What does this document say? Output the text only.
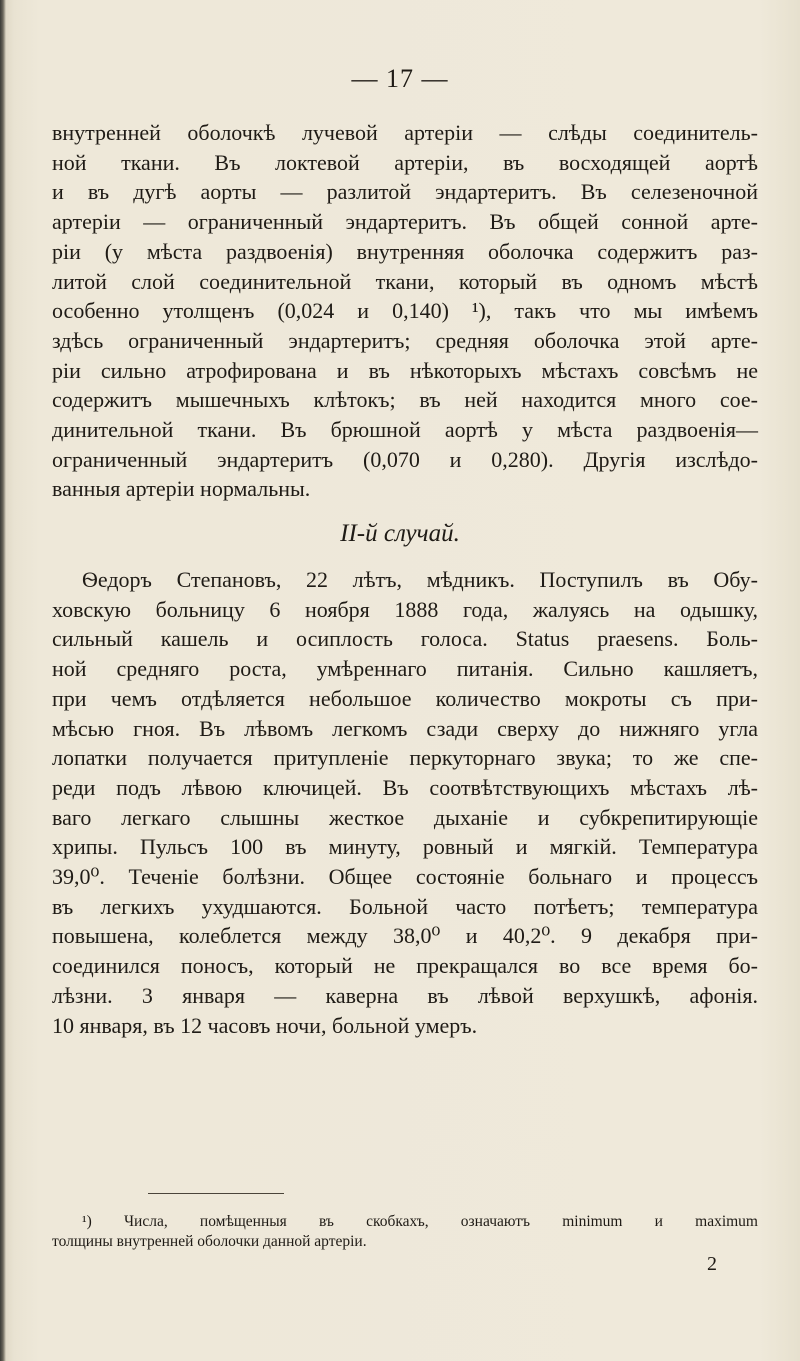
— 17 —
внутренней оболочкѣ лучевой артеріи — слѣды соединитель-
ной ткани. Въ локтевой артеріи, въ восходящей аортѣ
и въ дугѣ аорты — разлитой эндартеритъ. Въ селезеночной
артеріи — ограниченный эндартеритъ. Въ общей сонной арте-
ріи (у мѣста раздвоенія) внутренняя оболочка содержитъ раз-
литой слой соединительной ткани, который въ одномъ мѣстѣ
особенно утолщенъ (0,024 и 0,140) ¹), такъ что мы имѣемъ
здѣсь ограниченный эндартеритъ; средняя оболочка этой арте-
ріи сильно атрофирована и въ нѣкоторыхъ мѣстахъ совсѣмъ не
содержитъ мышечныхъ клѣтокъ; въ ней находится много сое-
динительной ткани. Въ брюшной аортѣ у мѣста раздвоенія—
ограниченный эндартеритъ (0,070 и 0,280). Другія изслѣдо-
ванныя артеріи нормальны.
II-й случай.
Ѳедоръ Степановъ, 22 лѣтъ, мѣдникъ. Поступилъ въ Обу-
ховскую больницу 6 ноября 1888 года, жалуясь на одышку,
сильный кашель и осиплость голоса. Status praesens. Боль-
ной средняго роста, умѣреннаго питанія. Сильно кашляетъ,
при чемъ отдѣляется небольшое количество мокроты съ при-
мѣсью гноя. Въ лѣвомъ легкомъ сзади сверху до нижняго угла
лопатки получается притупленіе перкуторнаго звука; то же спе-
реди подъ лѣвою ключицей. Въ соотвѣтствующихъ мѣстахъ лѣ-
ваго легкаго слышны жесткое дыханіе и субкрепитирующіе
хрипы. Пульсъ 100 въ минуту, ровный и мягкій. Температура
39,0⁰. Теченіе болѣзни. Общее состояніе больнаго и процессъ
въ легкихъ ухудшаются. Больной часто потѣетъ; температура
повышена, колеблется между 38,0⁰ и 40,2⁰. 9 декабря при-
соединился поносъ, который не прекращался во все время бо-
лѣзни. 3 января — каверна въ лѣвой верхушкѣ, афонія.
10 января, въ 12 часовъ ночи, больной умеръ.
¹) Числа, помѣщенныя въ скобкахъ, означаютъ minimum и maximum
толщины внутренней оболочки данной артеріи.
2
